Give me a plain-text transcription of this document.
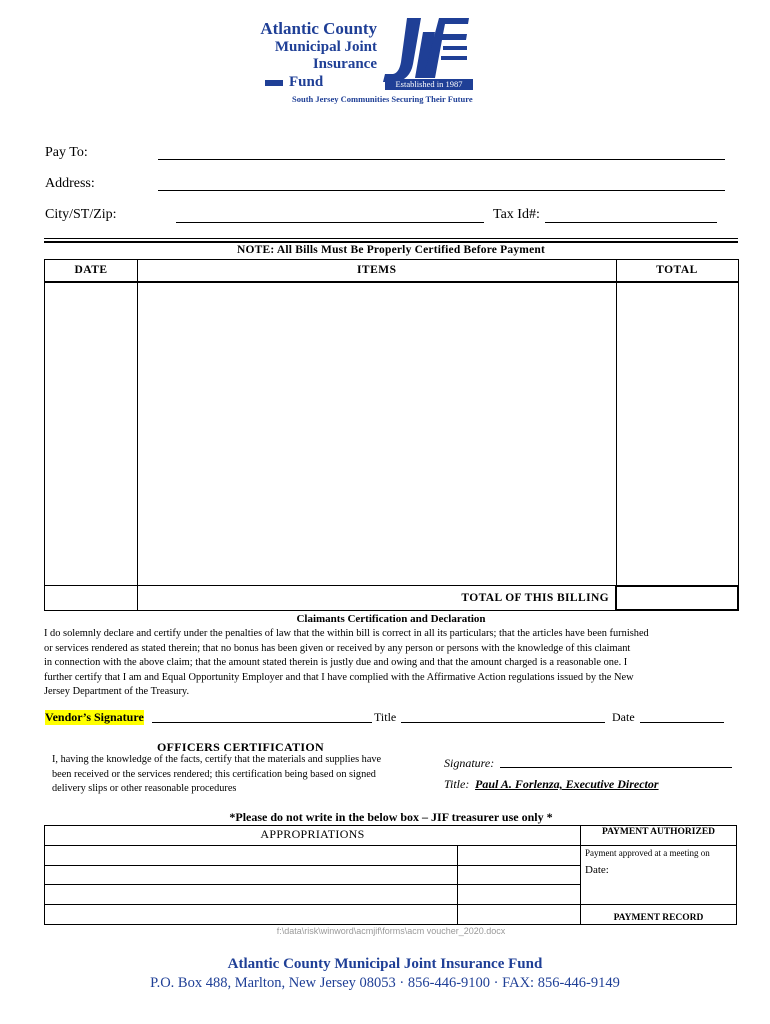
Atlantic County
Municipal Joint
Insurance
Fund	Established in 1987
South Jersey Communities Securing Their Future
Pay To:
Address:
City/ST/Zip:	Tax Id#:
NOTE: All Bills Must Be Properly Certified Before Payment
DATE	ITEMS	TOTAL

	TOTAL OF THIS BILLING	
Claimants Certification and Declaration
I do solemnly declare and certify under the penalties of law that the within bill is correct in all its particulars; that the articles have been furnished
or services rendered as stated therein; that no bonus has been given or received by any person or persons with the knowledge of this claimant
in connection with the above claim; that the amount stated therein is justly due and owing and that the amount charged is a reasonable one. I
further certify that I am and Equal Opportunity Employer and that I have complied with the Affirmative Action regulations issued by the New
Jersey Department of the Treasury.
Vendor’s Signature	Title	Date
OFFICERS CERTIFICATION
I, having the knowledge of the facts, certify that the materials and supplies have
been received or the services rendered; this certification being based on signed
delivery slips or other reasonable procedures
Signature:
Title: Paul A. Forlenza, Executive Director
*Please do not write in the below box – JIF treasurer use only *
APPROPRIATIONS		PAYMENT AUTHORIZED

		Payment approved at a meeting on
Date:

		PAYMENT RECORD
f:\data\risk\winword\acmjif\forms\acm voucher_2020.docx
Atlantic County Municipal Joint Insurance Fund
P.O. Box 488, Marlton, New Jersey 08053 · 856-446-9100 · FAX: 856-446-9149
